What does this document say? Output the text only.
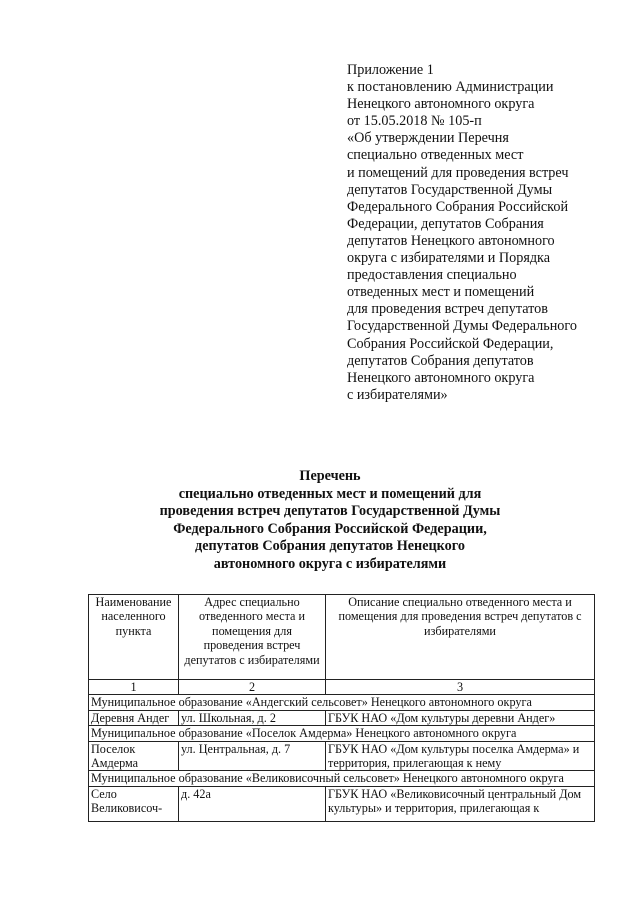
Приложение 1
к постановлению Администрации
Ненецкого автономного округа
от 15.05.2018 № 105-п
«Об утверждении Перечня
специально отведенных мест
и помещений для проведения встреч
депутатов Государственной Думы
Федерального Собрания Российской
Федерации, депутатов Собрания
депутатов Ненецкого автономного
округа с избирателями и Порядка
предоставления специально
отведенных мест и помещений
для проведения встреч депутатов
Государственной Думы Федерального
Собрания Российской Федерации,
депутатов Собрания депутатов
Ненецкого автономного округа
с избирателями»
Перечень
специально отведенных мест и помещений для
проведения встреч депутатов Государственной Думы
Федерального Собрания Российской Федерации,
депутатов Собрания депутатов Ненецкого
автономного округа с избирателями
Наименование населенного пункта	Адрес специально отведенного места и помещения для проведения встреч депутатов с избирателями	Описание специально отведенного места и помещения для проведения встреч депутатов с избирателями
1	2	3
Муниципальное образование «Андегский сельсовет» Ненецкого автономного округа		
Деревня Андег	ул. Школьная, д. 2	ГБУК НАО «Дом культуры деревни Андег»
Муниципальное образование «Поселок Амдерма» Ненецкого автономного округа		
Поселок Амдерма	ул. Центральная, д. 7	ГБУК НАО «Дом культуры поселка Амдерма» и территория, прилегающая к нему
Муниципальное образование «Великовисочный сельсовет» Ненецкого автономного округа		

Село Великовисоч-	д. 42а	ГБУК НАО «Великовисочный центральный Дом культуры» и территория, прилегающая к
